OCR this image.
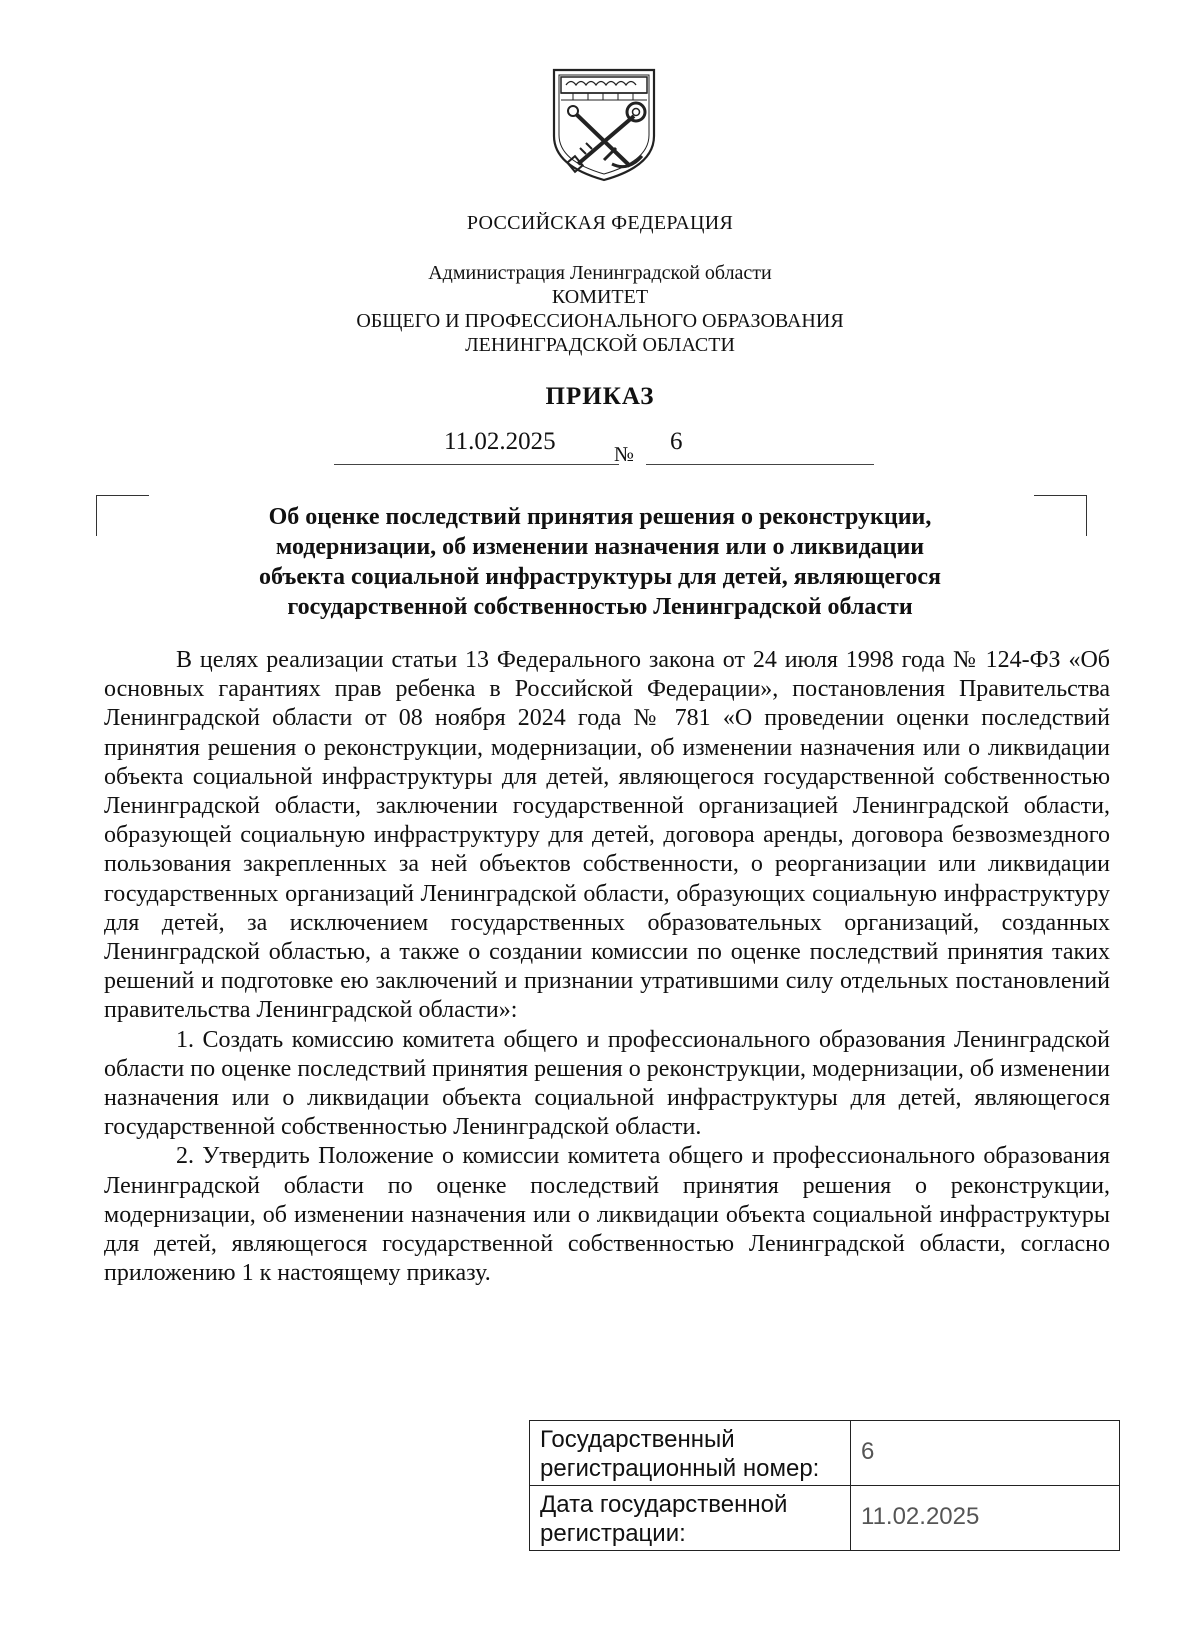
РОССИЙСКАЯ ФЕДЕРАЦИЯ
Администрация Ленинградской области
КОМИТЕТ
ОБЩЕГО И ПРОФЕССИОНАЛЬНОГО ОБРАЗОВАНИЯ
ЛЕНИНГРАДСКОЙ ОБЛАСТИ
ПРИКАЗ
11.02.2025	№ 6
Об оценке последствий принятия решения о реконструкции,
модернизации, об изменении назначения или о ликвидации
объекта социальной инфраструктуры для детей, являющегося
государственной собственностью Ленинградской области

В целях реализации статьи 13 Федерального закона от 24 июля 1998 года № 124-ФЗ «Об основных гарантиях прав ребенка в Российской Федерации», постановления Правительства Ленинградской области от 08 ноября 2024 года № 781 «О проведении оценки последствий принятия решения о реконструкции, модернизации, об изменении назначения или о ликвидации объекта социальной инфраструктуры для детей, являющегося государственной собственностью Ленинградской области, заключении государственной организацией Ленинградской области, образующей социальную инфраструктуру для детей, договора аренды, договора безвозмездного пользования закрепленных за ней объектов собственности, о реорганизации или ликвидации государственных организаций Ленинградской области, образующих социальную инфраструктуру для детей, за исключением государственных образовательных организаций, созданных Ленинградской областью, а также о создании комиссии по оценке последствий принятия таких решений и подготовке ею заключений и признании утратившими силу отдельных постановлений правительства Ленинградской области»:

1. Создать комиссию комитета общего и профессионального образования Ленинградской области по оценке последствий принятия решения о реконструкции, модернизации, об изменении назначения или о ликвидации объекта социальной инфраструктуры для детей, являющегося государственной собственностью Ленинградской области.

2. Утвердить Положение о комиссии комитета общего и профессионального образования Ленинградской области по оценке последствий принятия решения о реконструкции, модернизации, об изменении назначения или о ликвидации объекта социальной инфраструктуры для детей, являющегося государственной собственностью Ленинградской области, согласно приложению 1 к настоящему приказу.

Государственный регистрационный номер:	6
Дата государственной регистрации:	11.02.2025
